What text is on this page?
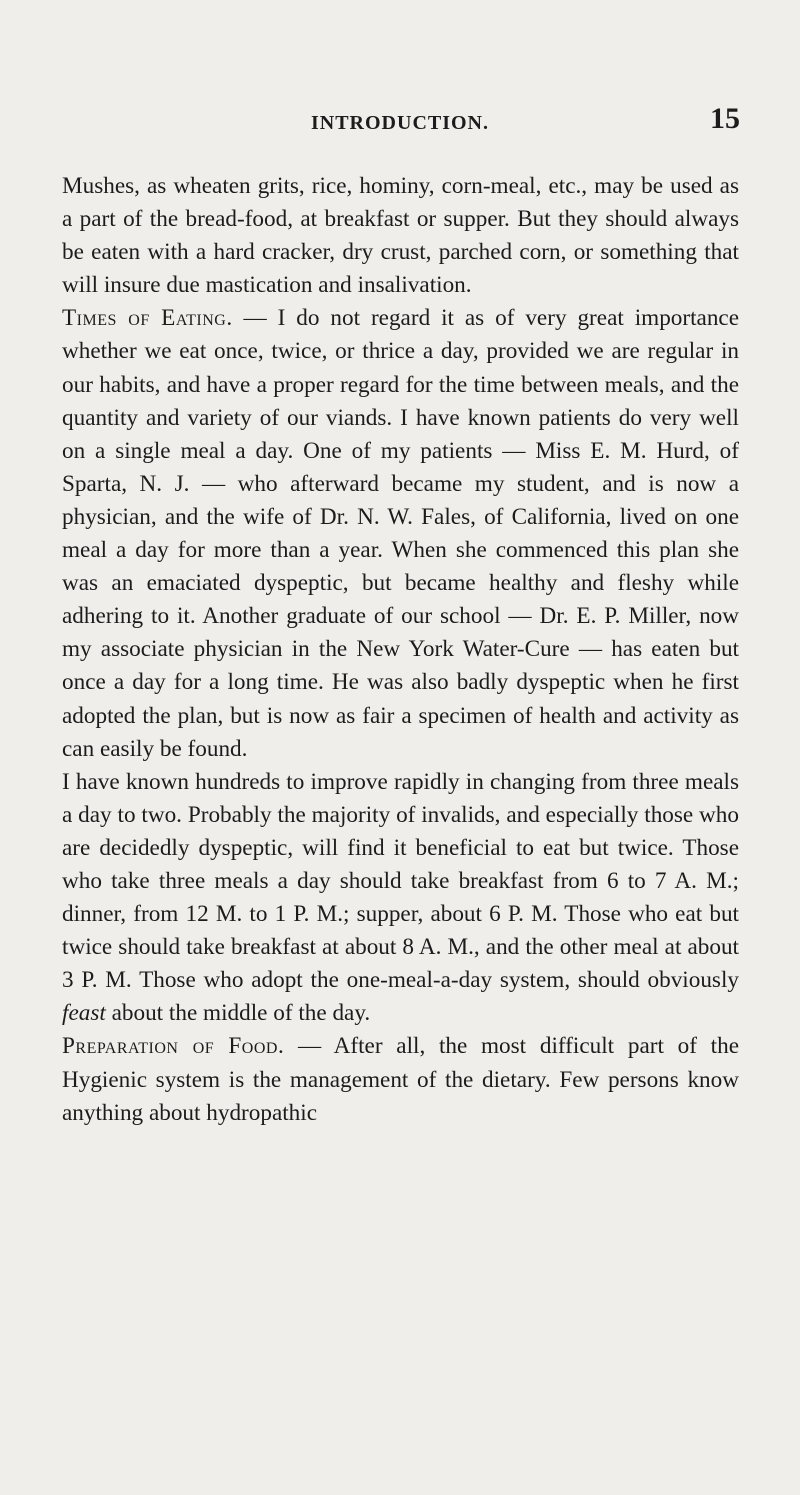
INTRODUCTION.	15

Mushes, as wheaten grits, rice, hominy, corn-meal, etc., may be used as a part of the bread-food, at breakfast or supper. But they should always be eaten with a hard cracker, dry crust, parched corn, or something that will insure due mastication and insalivation.

Times of Eating. — I do not regard it as of very great importance whether we eat once, twice, or thrice a day, provided we are regular in our habits, and have a proper regard for the time between meals, and the quantity and variety of our viands. I have known patients do very well on a single meal a day. One of my patients — Miss E. M. Hurd, of Sparta, N. J. — who afterward became my student, and is now a physician, and the wife of Dr. N. W. Fales, of California, lived on one meal a day for more than a year. When she commenced this plan she was an emaciated dyspeptic, but became healthy and fleshy while adhering to it. Another graduate of our school — Dr. E. P. Miller, now my associate physician in the New York Water-Cure — has eaten but once a day for a long time. He was also badly dyspeptic when he first adopted the plan, but is now as fair a specimen of health and activity as can easily be found.

I have known hundreds to improve rapidly in changing from three meals a day to two. Probably the majority of invalids, and especially those who are decidedly dyspeptic, will find it beneficial to eat but twice. Those who take three meals a day should take breakfast from 6 to 7 A. M.; dinner, from 12 M. to 1 P. M.; supper, about 6 P. M. Those who eat but twice should take breakfast at about 8 A. M., and the other meal at about 3 P. M. Those who adopt the one-meal-a-day system, should obviously feast about the middle of the day.

Preparation of Food. — After all, the most difficult part of the Hygienic system is the management of the dietary. Few persons know anything about hydropathic
